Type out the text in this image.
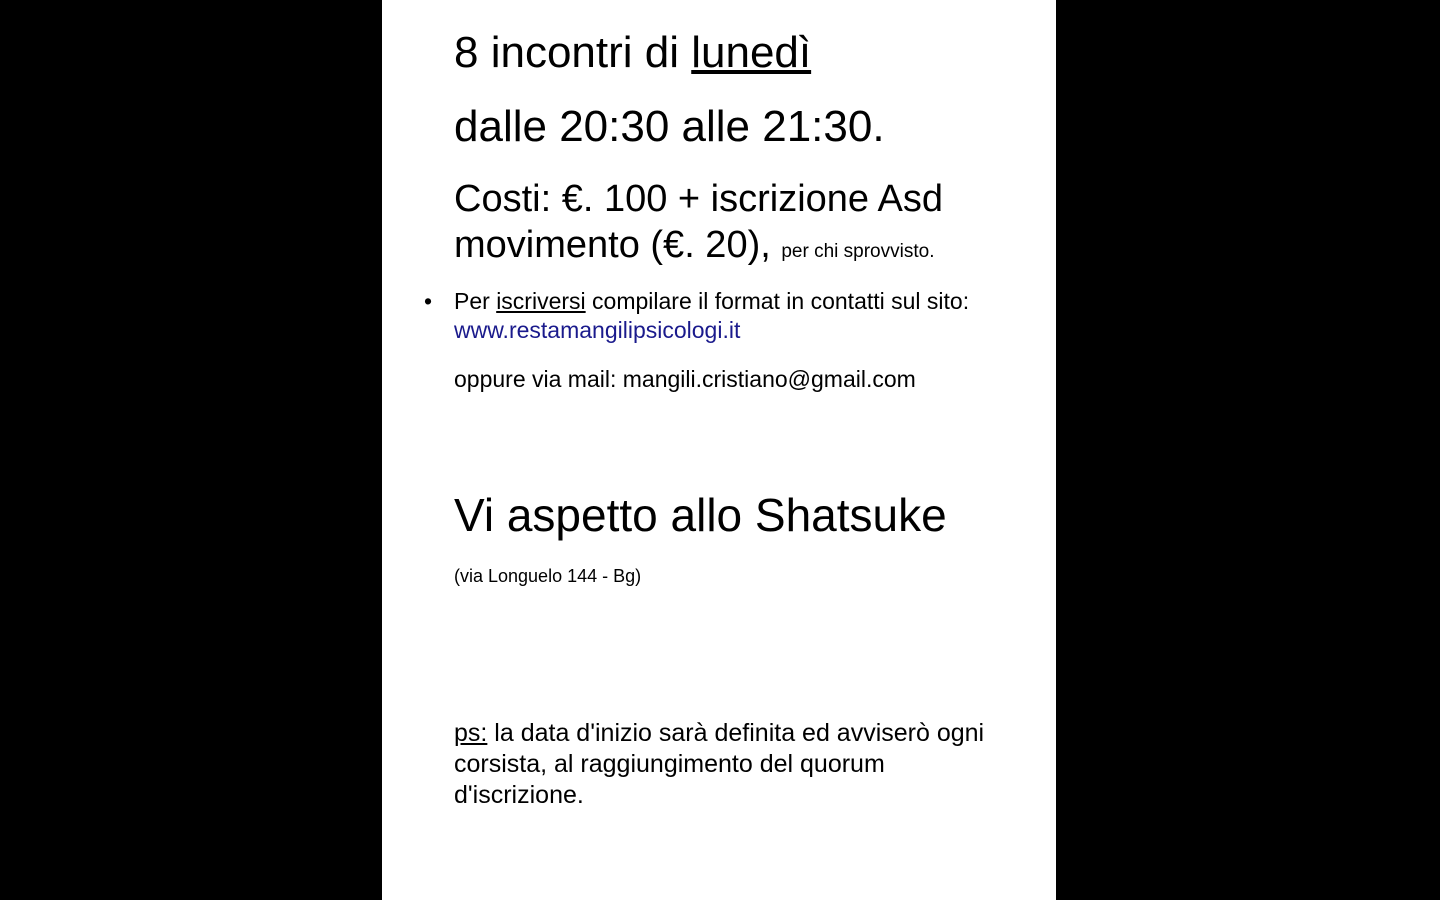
8 incontri di lunedì

dalle 20:30 alle 21:30.

Costi: €. 100 + iscrizione Asd
movimento (€. 20), per chi sprovvisto.
• Per iscriversi compilare il format in contatti sul sito:
www.restamangilipsicologi.it

oppure via mail: mangili.cristiano@gmail.com

Vi aspetto allo Shatsuke

(via Longuelo 144 - Bg)

ps: la data d'inizio sarà definita ed avviserò ogni corsista, al raggiungimento del quorum d'iscrizione.
